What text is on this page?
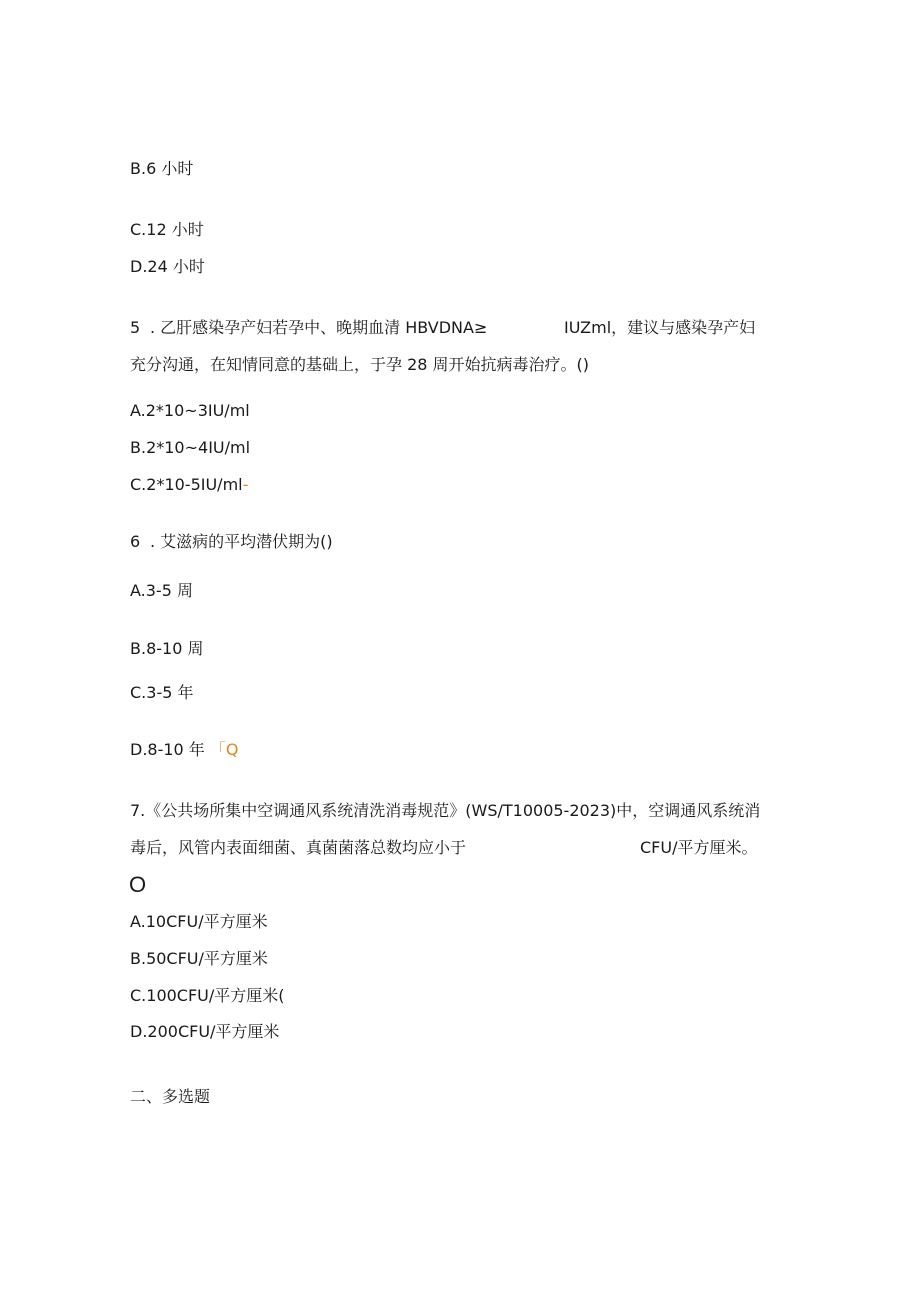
B.6 小时
C.12 小时
D.24 小时
5 . 乙肝感染孕产妇若孕中、晚期血清 HBVDNA≥	IUZml，建议与感染孕产妇
充分沟通，在知情同意的基础上，于孕 28 周开始抗病毒治疗。()
A.2*10~3IU∕ml
B.2*10~4IU∕ml
C.2*10-5IU∕ml-
6 . 艾滋病的平均潜伏期为()
A.3-5 周
B.8-10 周
C.3-5 年
D.8-10 年 「Q
7.《公共场所集中空调通风系统清洗消毒规范》(WS/T10005-2023)中，空调通风系统消
毒后，风管内表面细菌、真菌菌落总数均应小于	CFU/平方厘米。
O
A.10CFU/平方厘米
B.50CFU/平方厘米
C.100CFU/平方厘米(
D.200CFU/平方厘米
二、多选题
